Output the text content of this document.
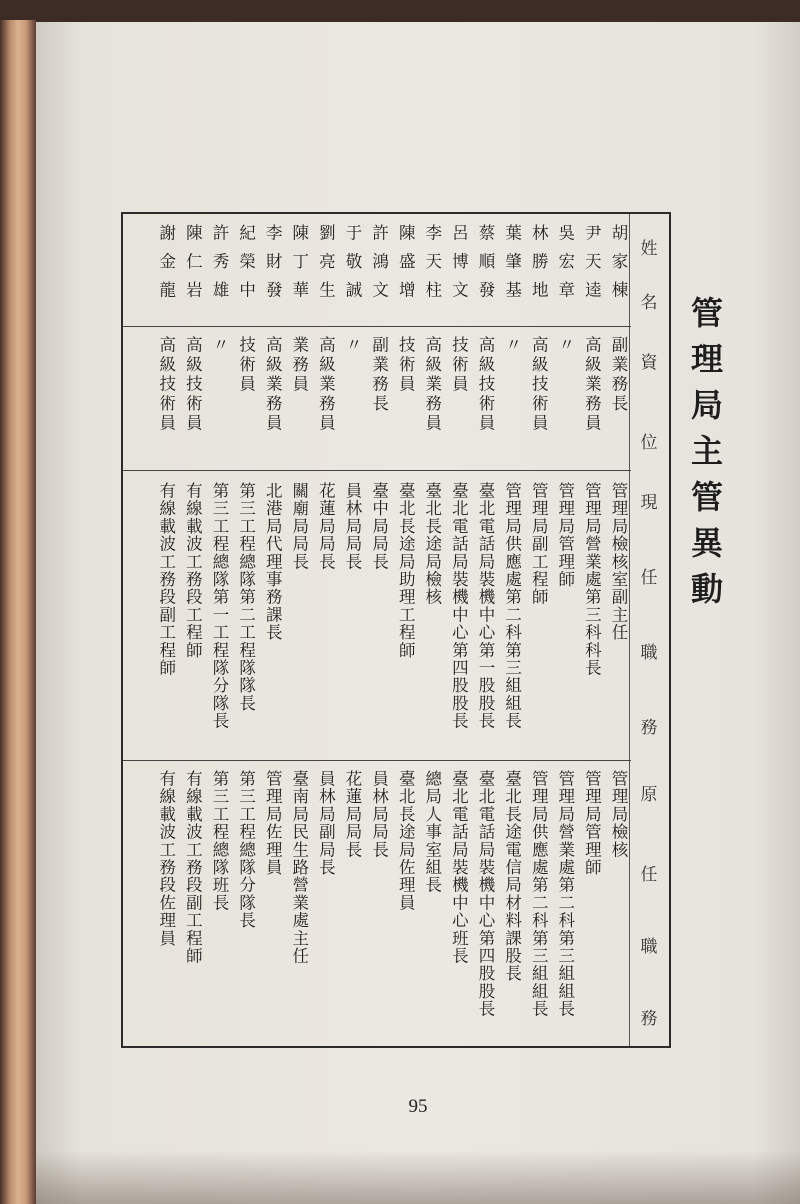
管理局主管異動
姓
名
資
位
現
任
職
務
原
任
職
務
胡家棟
副業務長
管理局檢核室副主任
管理局檢核
尹天逵
高級業務員
管理局營業處第三科科長
管理局管理師
吳宏章
〃
管理局管理師
管理局營業處第二科第三組組長
林勝地
高級技術員
管理局副工程師
管理局供應處第二科第三組組長
葉肇基
〃
管理局供應處第二科第三組組長
臺北長途電信局材料課股長
蔡順發
高級技術員
臺北電話局裝機中心第一股股長
臺北電話局裝機中心第四股股長
呂博文
技術員
臺北電話局裝機中心第四股股長
臺北電話局裝機中心班長
李天柱
高級業務員
臺北長途局檢核
總局人事室組長
陳盛增
技術員
臺北長途局助理工程師
臺北長途局佐理員
許鴻文
副業務長
臺中局局長
員林局局長
于敬誠
〃
員林局局長
花蓮局局長
劉亮生
高級業務員
花蓮局局長
員林局副局長
陳丁華
業務員
關廟局局長
臺南局民生路營業處主任
李財發
高級業務員
北港局代理事務課長
管理局佐理員
紀榮中
技術員
第三工程總隊第二工程隊隊長
第三工程總隊分隊長
許秀雄
〃
第三工程總隊第一工程隊分隊長
第三工程總隊班長
陳仁岩
高級技術員
有線載波工務段工程師
有線載波工務段副工程師
謝金龍
高級技術員
有線載波工務段副工程師
有線載波工務段佐理員
95
